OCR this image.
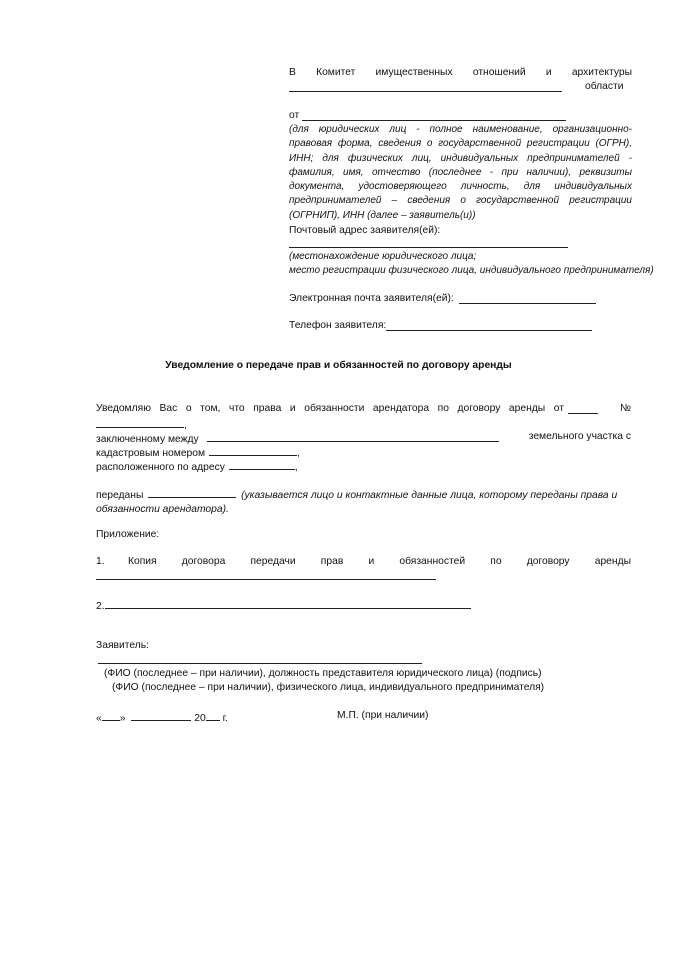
В Комитет имущественных отношений и архитектуры
области
от
(для юридических лиц - полное наименование, организационно-правовая форма, сведения о государственной регистрации (ОГРН), ИНН; для физических лиц, индивидуальных предпринимателей - фамилия, имя, отчество (последнее - при наличии), реквизиты документа, удостоверяющего личность, для индивидуальных предпринимателей – сведения о государственной регистрации (ОГРНИП), ИНН (далее – заявитель(и))
Почтовый адрес заявителя(ей):
(местонахождение юридического лица;
место регистрации физического лица, индивидуального предпринимателя)
Электронная почта заявителя(ей):
Телефон заявителя:
Уведомление о передаче прав и обязанностей по договору аренды
Уведомляю Вас о том, что права и обязанности арендатора по договору аренды от	№
,
заключенному между	земельного участка с
кадастровым номером	,
расположенного по адресу	,
переданы	(указывается лицо и контактные данные лица, которому переданы права и обязанности арендатора).
Приложение:
1. Копия договора передачи прав и обязанностей по договору аренды
2.
Заявитель:
(ФИО (последнее – при наличии), должность представителя юридического лица) (подпись)
(ФИО (последнее – при наличии), физического лица, индивидуального предпринимателя)
« »	20 г.	М.П. (при наличии)
